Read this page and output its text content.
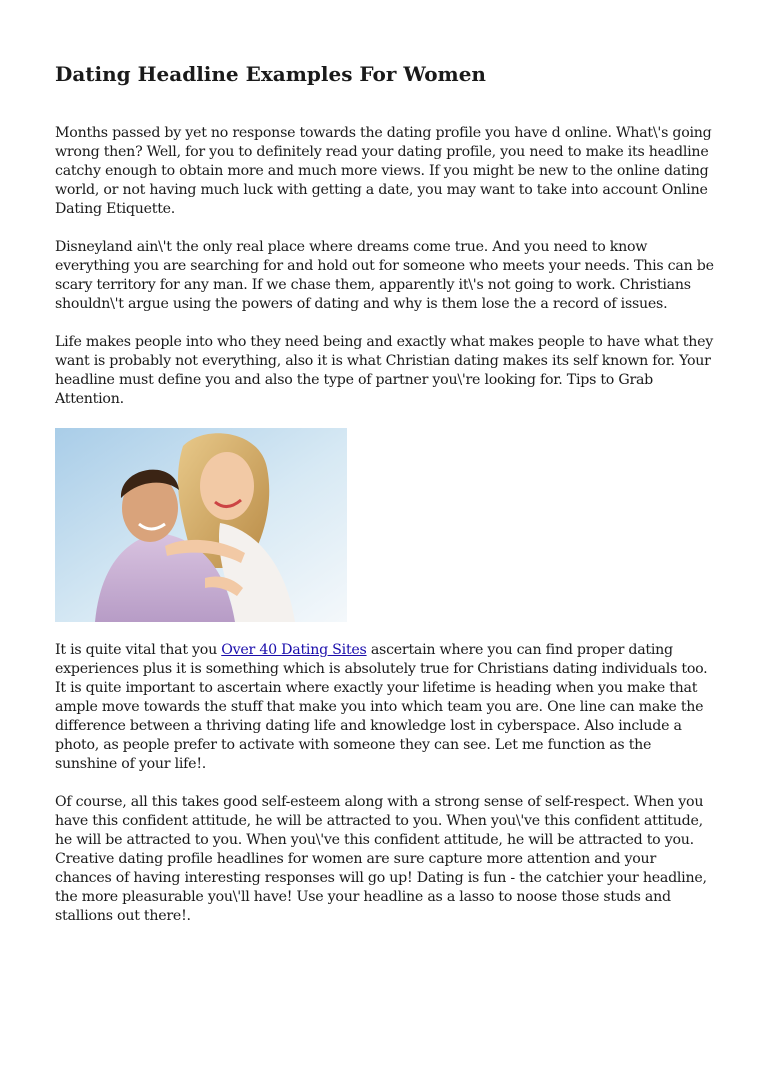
Dating Headline Examples For Women

Months passed by yet no response towards the dating profile you have d online. What\'s going wrong then? Well, for you to definitely read your dating profile, you need to make its headline catchy enough to obtain more and much more views. If you might be new to the online dating world, or not having much luck with getting a date, you may want to take into account Online Dating Etiquette.

Disneyland ain\'t the only real place where dreams come true. And you need to know everything you are searching for and hold out for someone who meets your needs. This can be scary territory for any man. If we chase them, apparently it\'s not going to work. Christians shouldn\'t argue using the powers of dating and why is them lose the a record of issues.

Life makes people into who they need being and exactly what makes people to have what they want is probably not everything, also it is what Christian dating makes its self known for. Your headline must define you and also the type of partner you\'re looking for. Tips to Grab Attention.

It is quite vital that you Over 40 Dating Sites ascertain where you can find proper dating experiences plus it is something which is absolutely true for Christians dating individuals too. It is quite important to ascertain where exactly your lifetime is heading when you make that ample move towards the stuff that make you into which team you are. One line can make the difference between a thriving dating life and knowledge lost in cyberspace. Also include a photo, as people prefer to activate with someone they can see. Let me function as the sunshine of your life!.

Of course, all this takes good self-esteem along with a strong sense of self-respect. When you have this confident attitude, he will be attracted to you. When you\'ve this confident attitude, he will be attracted to you. When you\'ve this confident attitude, he will be attracted to you. Creative dating profile headlines for women are sure capture more attention and your chances of having interesting responses will go up! Dating is fun - the catchier your headline, the more pleasurable you\'ll have! Use your headline as a lasso to noose those studs and stallions out there!.
